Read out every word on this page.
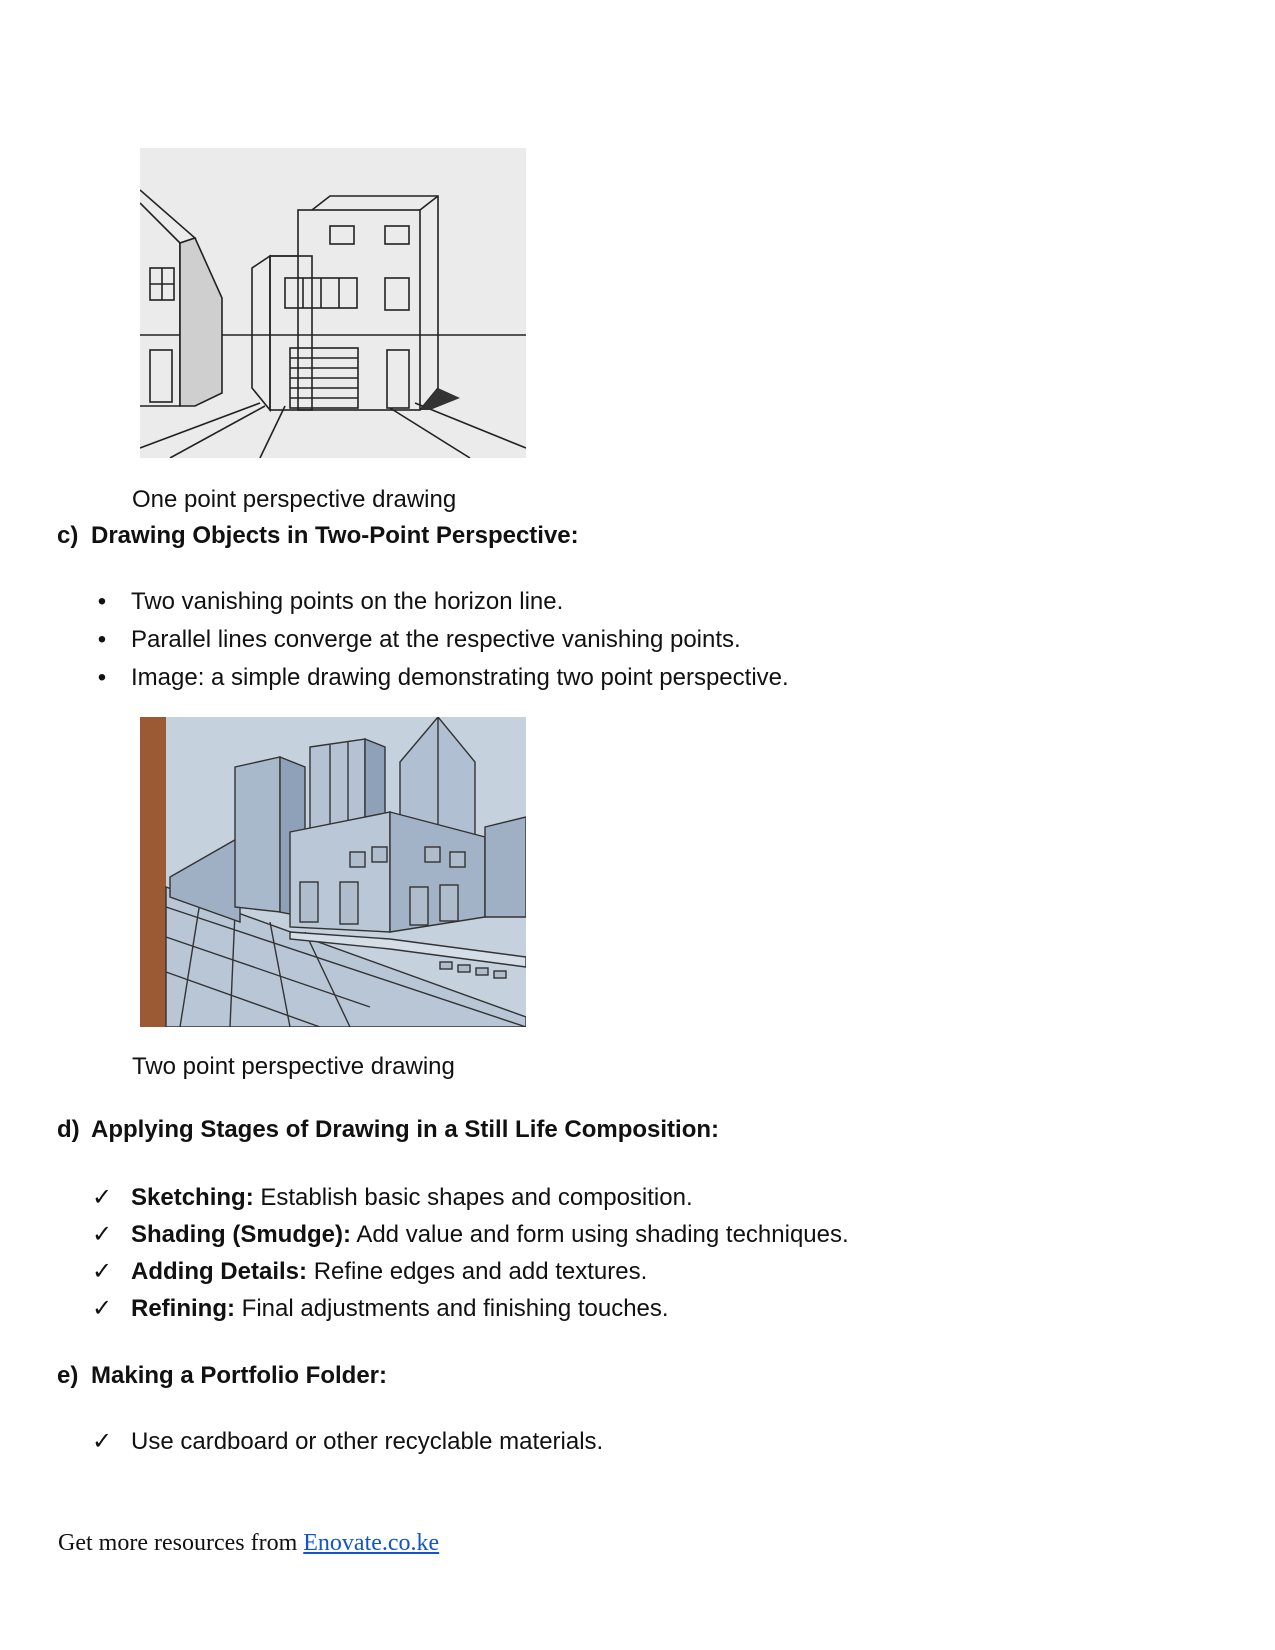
One point perspective drawing
c) Drawing Objects in Two-Point Perspective:
• Two vanishing points on the horizon line.
• Parallel lines converge at the respective vanishing points.
• Image: a simple drawing demonstrating two point perspective.
Two point perspective drawing
d) Applying Stages of Drawing in a Still Life Composition:
✓ Sketching: Establish basic shapes and composition.
✓ Shading (Smudge): Add value and form using shading techniques.
✓ Adding Details: Refine edges and add textures.
✓ Refining: Final adjustments and finishing touches.
e) Making a Portfolio Folder:
✓ Use cardboard or other recyclable materials.
Get more resources from Enovate.co.ke
